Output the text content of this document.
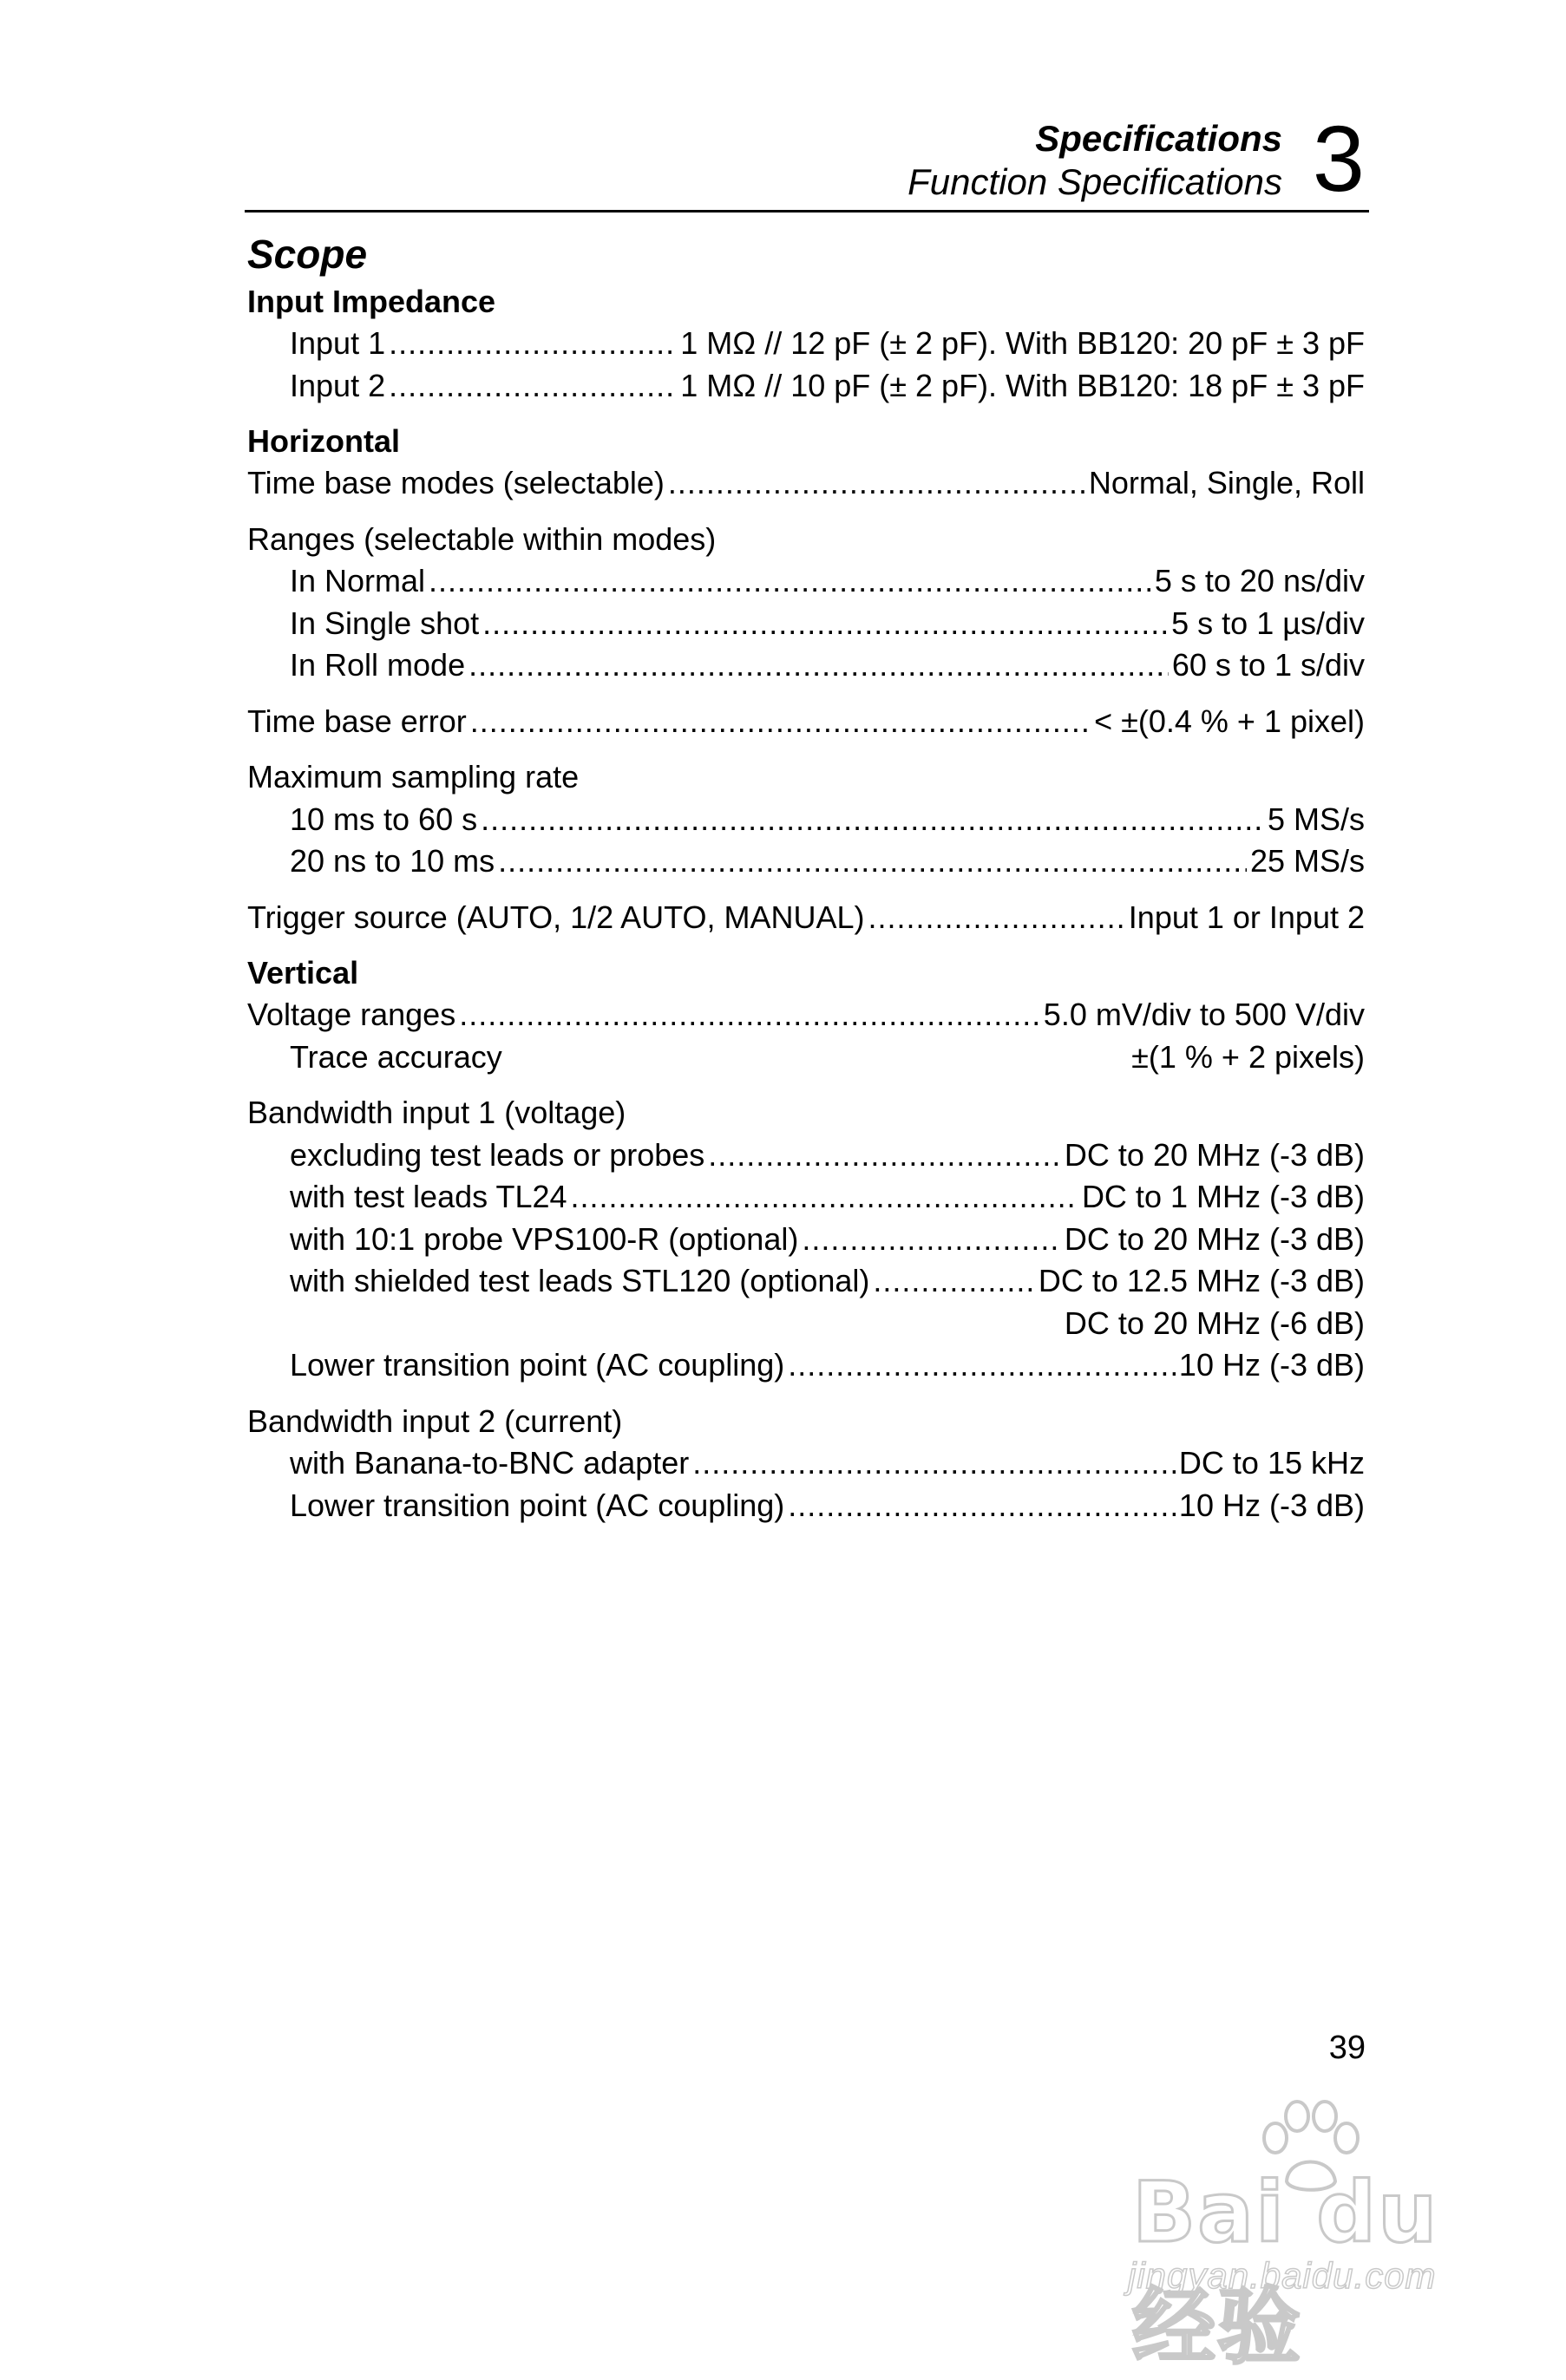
Specifications
Function Specifications 3
Scope
Input Impedance
Input 1 .....	1 MΩ // 12 pF (± 2 pF). With BB120: 20 pF ± 3 pF
Input 2 .....	1 MΩ // 10 pF (± 2 pF). With BB120: 18 pF ± 3 pF
Horizontal
Time base modes (selectable) .....	Normal, Single, Roll
Ranges (selectable within modes)
In Normal .....	5 s to 20 ns/div
In Single shot .....	5 s to 1 µs/div
In Roll mode .....	60 s to 1 s/div
Time base error .....	< ±(0.4 % + 1 pixel)
Maximum sampling rate
10 ms to 60 s .....	5 MS/s
20 ns to 10 ms .....	25 MS/s
Trigger source (AUTO, 1/2 AUTO, MANUAL) .....	Input 1 or Input 2
Vertical
Voltage ranges .....	5.0 mV/div to 500 V/div
Trace accuracy	±(1 % + 2 pixels)
Bandwidth input 1 (voltage)
excluding test leads or probes .....	DC to 20 MHz (-3 dB)
with test leads TL24 .....	DC to 1 MHz (-3 dB)
with 10:1 probe VPS100-R (optional) .....	DC to 20 MHz (-3 dB)
with shielded test leads STL120 (optional) .....	DC to 12.5 MHz (-3 dB)
DC to 20 MHz (-6 dB)
Lower transition point (AC coupling) .....	10 Hz (-3 dB)
Bandwidth input 2 (current)
with Banana-to-BNC adapter .....	DC to 15 kHz
Lower transition point (AC coupling) .....	10 Hz (-3 dB)
39
Bai du 经验
jingyan.baidu.com
